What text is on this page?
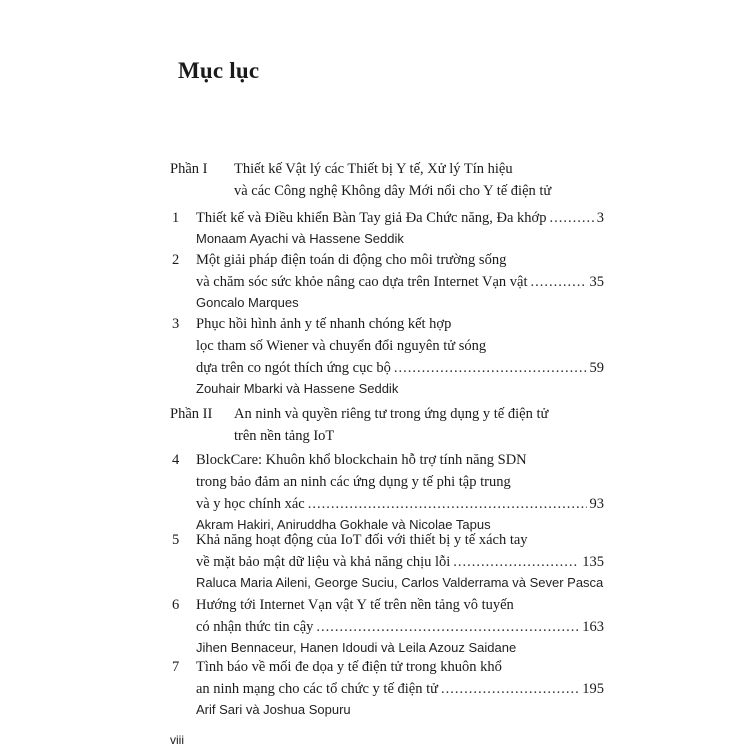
Mục lục
Phần I Thiết kế Vật lý các Thiết bị Y tế, Xử lý Tín hiệu
và các Công nghệ Không dây Mới nổi cho Y tế điện tử
1 Thiết kế và Điều khiển Bàn Tay giả Đa Chức năng, Đa khớp .....	3
Monaam Ayachi và Hassene Seddik
2 Một giải pháp điện toán di động cho môi trường sống
và chăm sóc sức khỏe nâng cao dựa trên Internet Vạn vật .....	35
Goncalo Marques
3 Phục hồi hình ảnh y tế nhanh chóng kết hợp
lọc tham số Wiener và chuyển đổi nguyên tử sóng
dựa trên co ngót thích ứng cục bộ .....	59
Zouhair Mbarki và Hassene Seddik
Phần II An ninh và quyền riêng tư trong ứng dụng y tế điện tử
trên nền tảng IoT
4 BlockCare: Khuôn khổ blockchain hỗ trợ tính năng SDN
trong bảo đảm an ninh các ứng dụng y tế phi tập trung
và y học chính xác .....	93
Akram Hakiri, Aniruddha Gokhale và Nicolae Tapus
5 Khả năng hoạt động của IoT đối với thiết bị y tế xách tay
về mặt bảo mật dữ liệu và khả năng chịu lỗi .....	135
Raluca Maria Aileni, George Suciu, Carlos Valderrama và Sever Pasca
6 Hướng tới Internet Vạn vật Y tế trên nền tảng vô tuyến
có nhận thức tin cậy .....	163
Jihen Bennaceur, Hanen Idoudi và Leila Azouz Saidane
7 Tình báo về mối đe dọa y tế điện tử trong khuôn khổ
an ninh mạng cho các tổ chức y tế điện tử .....	195
Arif Sari và Joshua Sopuru
viii
